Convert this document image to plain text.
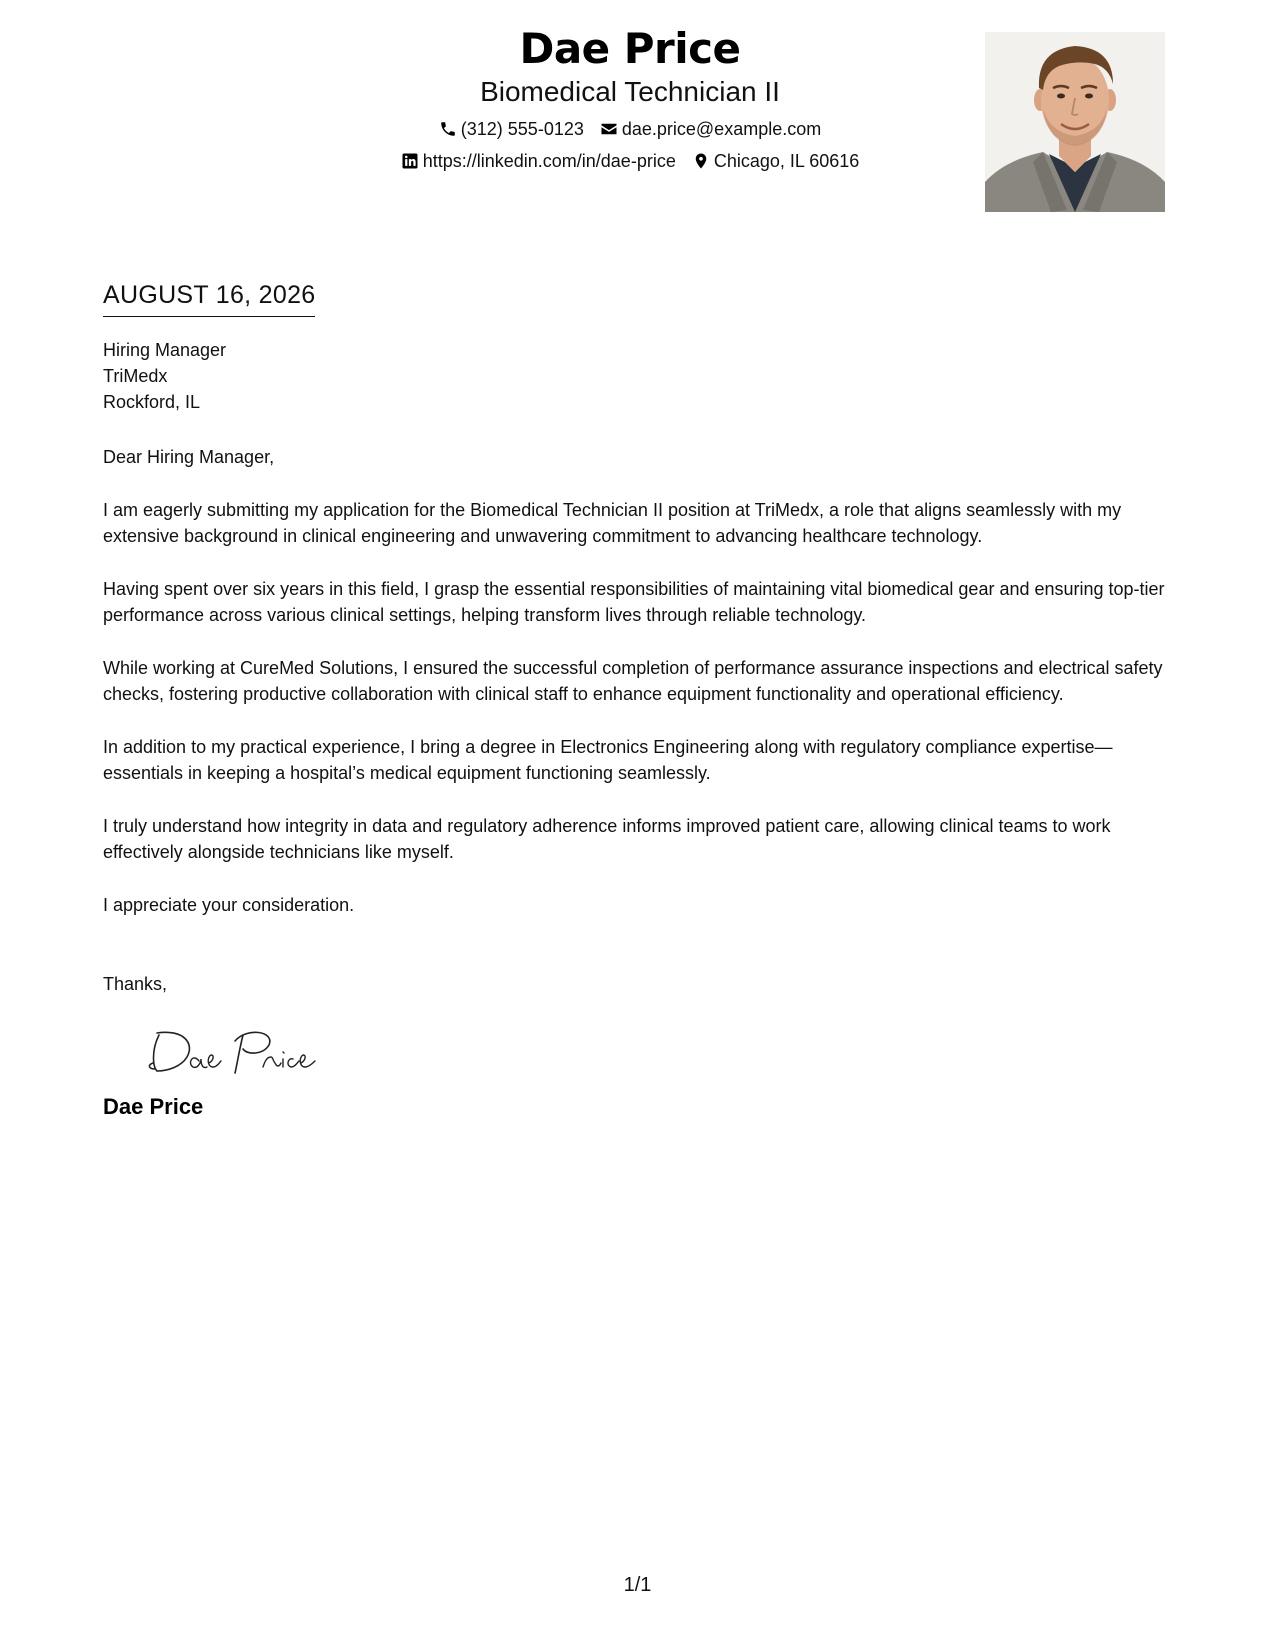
Dae Price
Biomedical Technician II
(312) 555-0123 dae.price@example.com
https://linkedin.com/in/dae-price Chicago, IL 60616
AUGUST 16, 2026
Hiring Manager
TriMedx
Rockford, IL
Dear Hiring Manager,
I am eagerly submitting my application for the Biomedical Technician II position at TriMedx, a role that aligns seamlessly with my extensive background in clinical engineering and unwavering commitment to advancing healthcare technology.
Having spent over six years in this field, I grasp the essential responsibilities of maintaining vital biomedical gear and ensuring top-tier performance across various clinical settings, helping transform lives through reliable technology.
While working at CureMed Solutions, I ensured the successful completion of performance assurance inspections and electrical safety checks, fostering productive collaboration with clinical staff to enhance equipment functionality and operational efficiency.
In addition to my practical experience, I bring a degree in Electronics Engineering along with regulatory compliance expertise—essentials in keeping a hospital’s medical equipment functioning seamlessly.
I truly understand how integrity in data and regulatory adherence informs improved patient care, allowing clinical teams to work effectively alongside technicians like myself.
I appreciate your consideration.
Thanks,
Dae Price
1/1
